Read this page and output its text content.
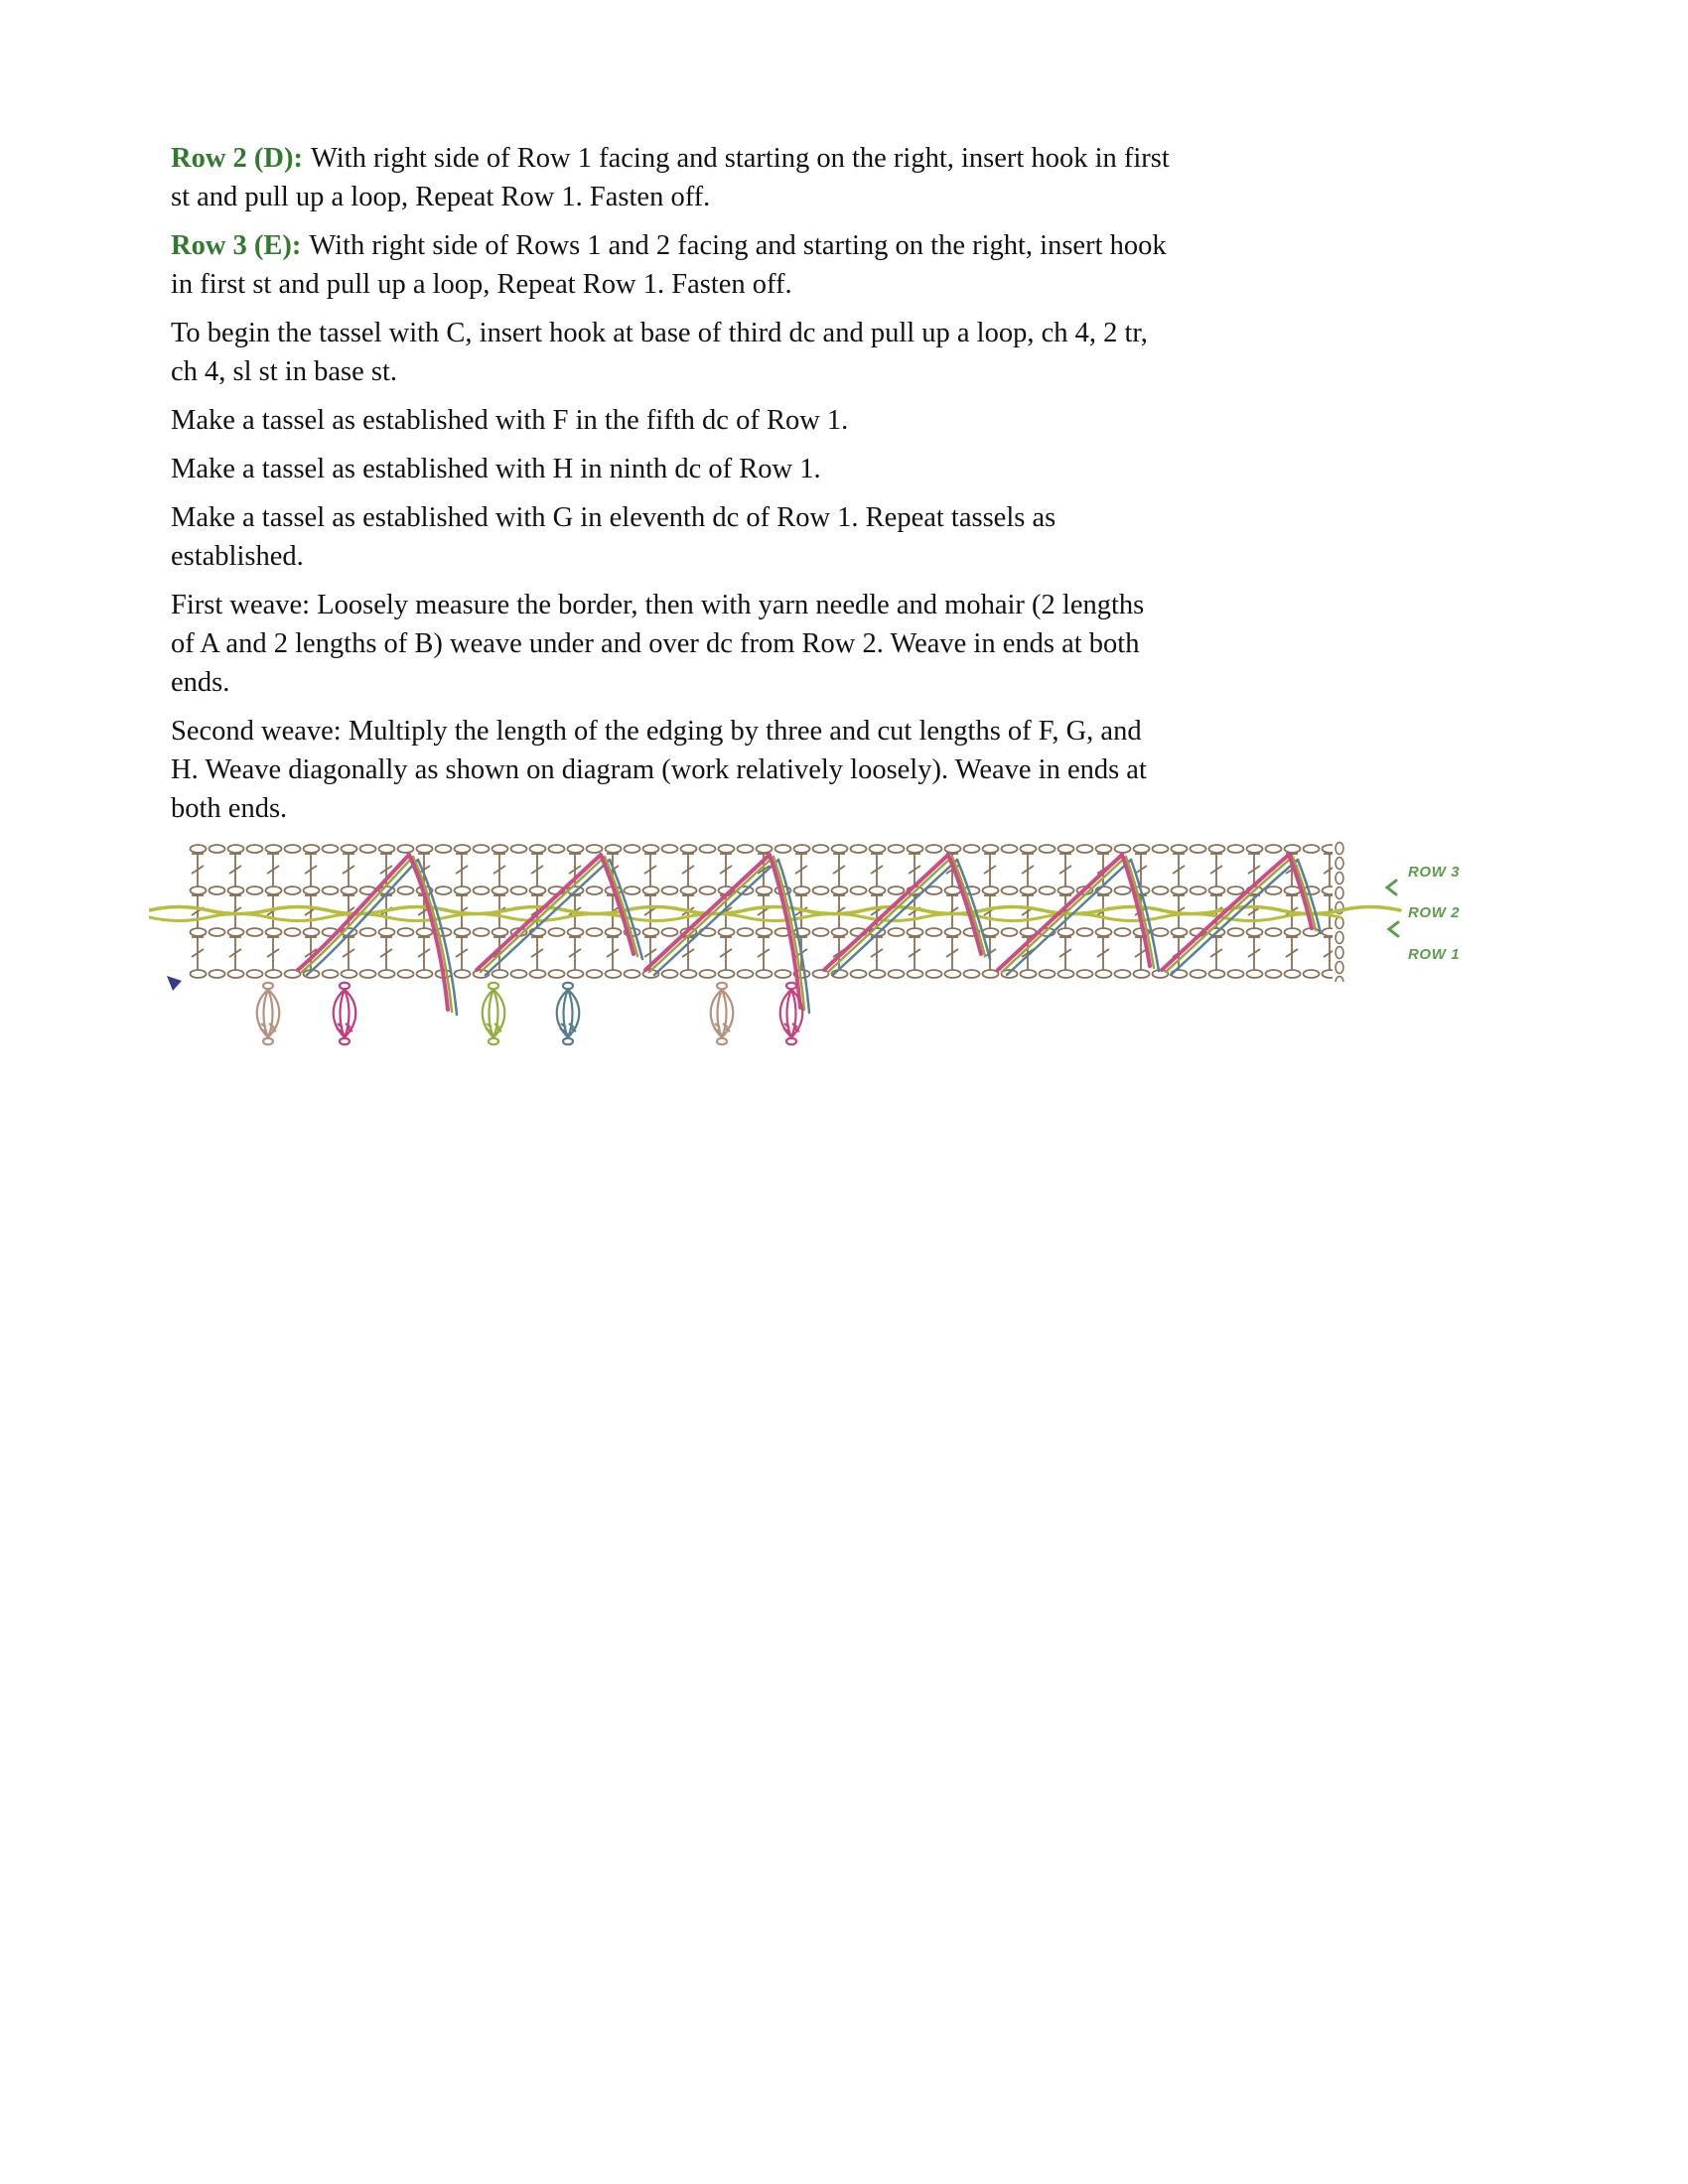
Row 2 (D): With right side of Row 1 facing and starting on the right, insert hook in first st and pull up a loop, Repeat Row 1. Fasten off.

Row 3 (E): With right side of Rows 1 and 2 facing and starting on the right, insert hook in first st and pull up a loop, Repeat Row 1. Fasten off.

To begin the tassel with C, insert hook at base of third dc and pull up a loop, ch 4, 2 tr, ch 4, sl st in base st.

Make a tassel as established with F in the fifth dc of Row 1.

Make a tassel as established with H in ninth dc of Row 1.

Make a tassel as established with G in eleventh dc of Row 1. Repeat tassels as established.

First weave: Loosely measure the border, then with yarn needle and mohair (2 lengths of A and 2 lengths of B) weave under and over dc from Row 2. Weave in ends at both ends.

Second weave: Multiply the length of the edging by three and cut lengths of F, G, and H. Weave diagonally as shown on diagram (work relatively loosely). Weave in ends at both ends.

ROW 3
ROW 2
ROW 1
